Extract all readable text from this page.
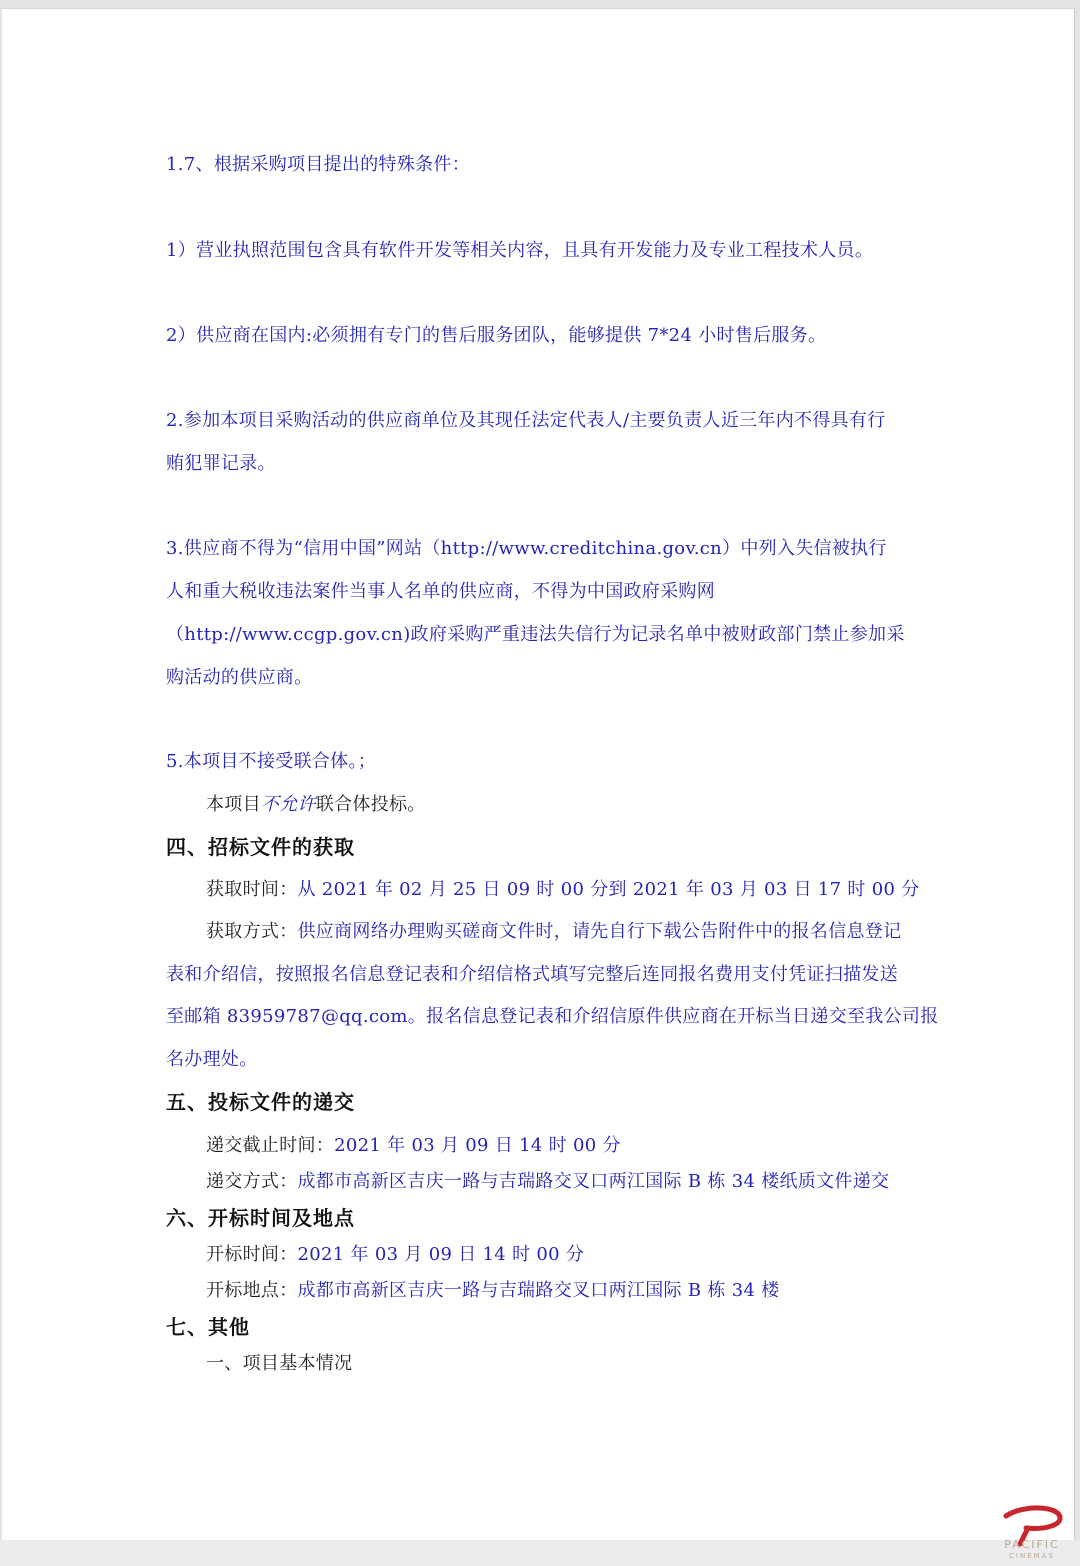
1.7、根据采购项目提出的特殊条件：
1）营业执照范围包含具有软件开发等相关内容，且具有开发能力及专业工程技术人员。
2）供应商在国内:必须拥有专门的售后服务团队，能够提供 7*24 小时售后服务。
2.参加本项目采购活动的供应商单位及其现任法定代表人/主要负责人近三年内不得具有行
贿犯罪记录。
3.供应商不得为“信用中国”网站（http://www.creditchina.gov.cn）中列入失信被执行
人和重大税收违法案件当事人名单的供应商，不得为中国政府采购网
（http://www.ccgp.gov.cn)政府采购严重违法失信行为记录名单中被财政部门禁止参加采
购活动的供应商。
5.本项目不接受联合体。；
本项目不允许联合体投标。
四、招标文件的获取
获取时间：从 2021 年 02 月 25 日 09 时 00 分到 2021 年 03 月 03 日 17 时 00 分
获取方式：供应商网络办理购买磋商文件时，请先自行下载公告附件中的报名信息登记
表和介绍信，按照报名信息登记表和介绍信格式填写完整后连同报名费用支付凭证扫描发送
至邮箱 83959787@qq.com。报名信息登记表和介绍信原件供应商在开标当日递交至我公司报
名办理处。
五、投标文件的递交
递交截止时间：2021 年 03 月 09 日 14 时 00 分
递交方式：成都市高新区吉庆一路与吉瑞路交叉口两江国际 B 栋 34 楼纸质文件递交
六、开标时间及地点
开标时间：2021 年 03 月 09 日 14 时 00 分
开标地点：成都市高新区吉庆一路与吉瑞路交叉口两江国际 B 栋 34 楼
七、其他
一、项目基本情况
PACIFIC
CINEMAS
